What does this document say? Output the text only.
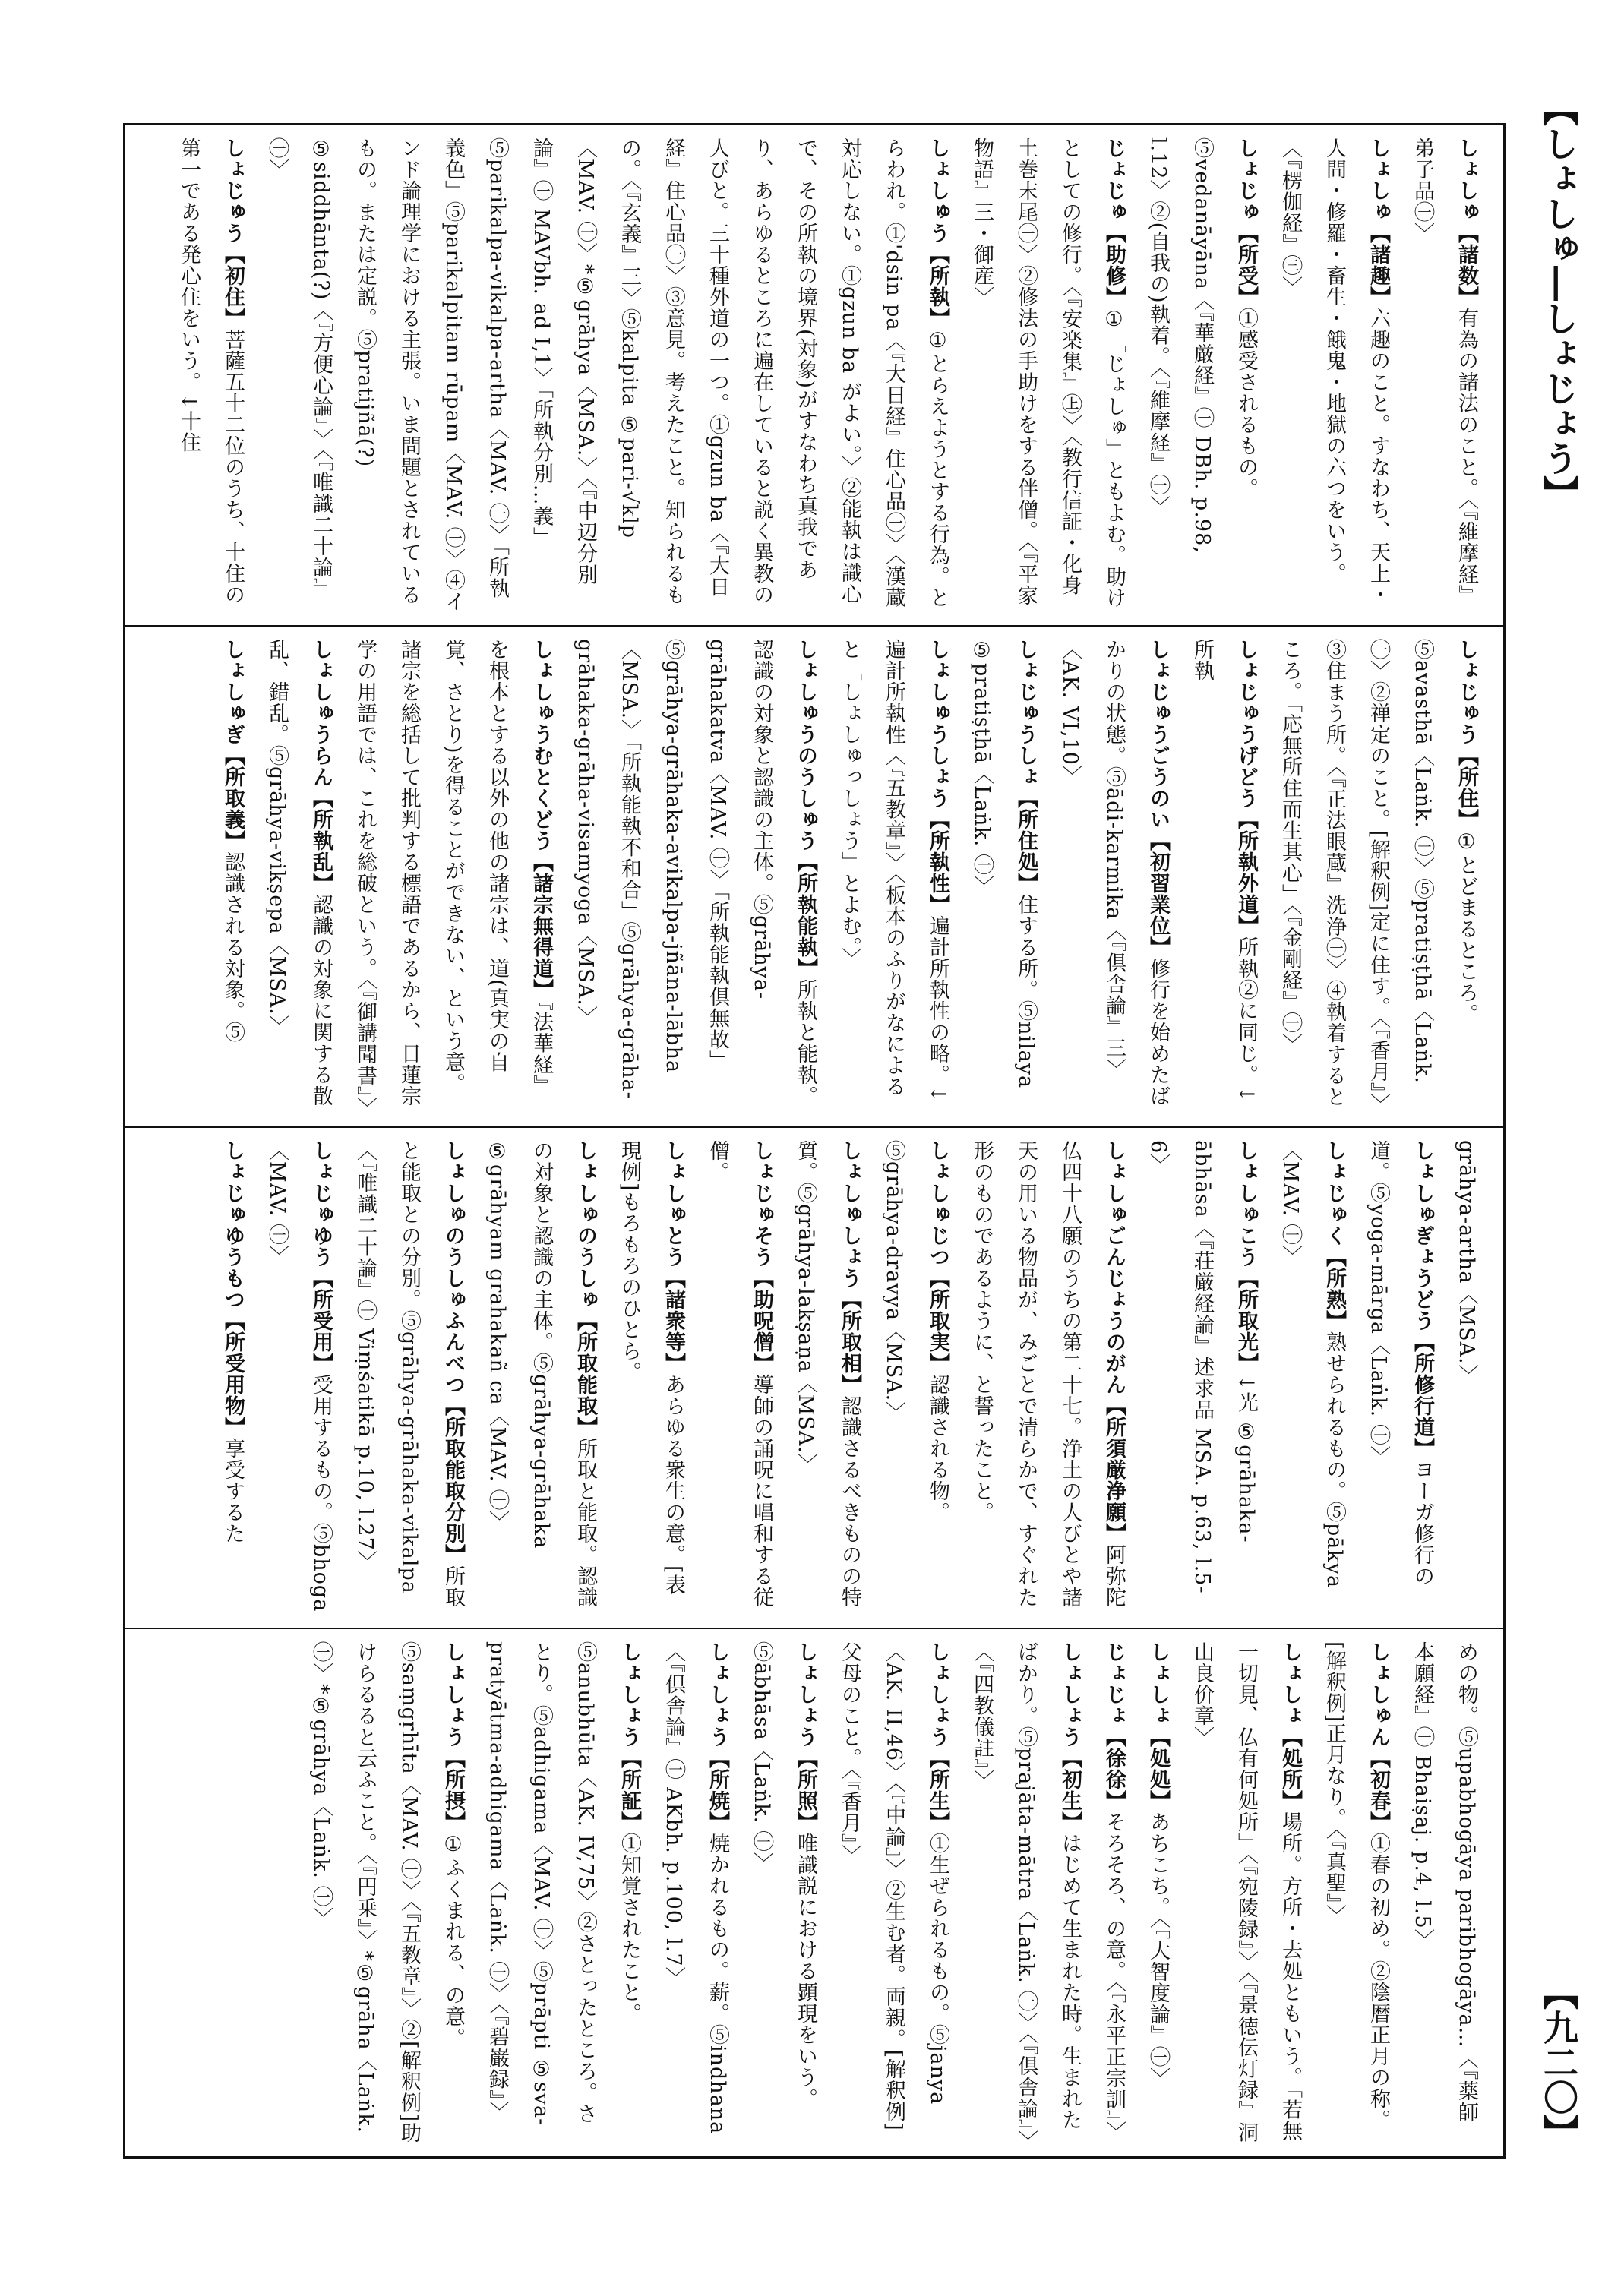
【しょしゅ―しょじょう】
【九二〇】
しょしゅ【諸数】有為の諸法のこと。〈『維摩経』弟子品㊀〉
しょしゅ【諸趣】六趣のこと。すなわち、天上・人間・修羅・畜生・餓鬼・地獄の六つをいう。〈『楞伽経』㊂〉
しょじゅ【所受】①感受されるもの。⑤vedanāyāna〈『華厳経』㊀ DBh. p.98, l.12〉②(自我の)執着。〈『維摩経』㊀〉
じょじゅ【助修】①「じょしゅ」ともよむ。助けとしての修行。〈『安楽集』㊤〉〈教行信証・化身土巻末尾㊀〉②修法の手助けをする伴僧。〈『平家物語』三・御産〉
しょしゅう【所執】①とらえようとする行為。とらわれ。①'dsin pa〈『大日経』住心品㊀〉〈漢蔵対応しない。①gzun ba がよい。〉②能執は識心で、その所執の境界(対象)がすなわち真我であり、あらゆるところに遍在していると説く異教の人びと。三十種外道の一つ。①gzun ba〈『大日経』住心品㊀〉③意見。考えたこと。知られるもの。〈『玄義』三〉⑤kalpita ⑤pari-√klp〈MAV. ㊀〉*⑤grāhya〈MSA.〉〈『中辺分別論』㊀ MAVbh. ad I,1〉「所執分別…義」⑤parikalpa-vikalpa-artha〈MAV. ㊀〉「所執義色」⑤parikalpitam rūpam〈MAV. ㊀〉④インド論理学における主張。いま問題とされているもの。または定説。⑤pratijñā(?) ⑤siddhānta(?)〈『方便心論』〉〈『唯識二十論』㊀〉
しょじゅう【初住】菩薩五十二位のうち、十住の第一である発心住をいう。↓十住
しょじゅう【所住】①とどまるところ。⑤avasthā〈Laṅk. ㊀〉⑤pratiṣṭhā〈Laṅk. ㊀〉②禅定のこと。[解釈例]定に住す。〈『香月』〉③住まう所。〈『正法眼蔵』洗浄㊀〉④執着するところ。「応無所住而生其心」〈『金剛経』㊀〉
しょじゅうげどう【所執外道】所執②に同じ。↓所執
しょじゅうごうのい【初習業位】修行を始めたばかりの状態。⑤ādi-karmika〈『倶舎論』三〉〈AK. VI,10〉
しょじゅうしょ【所住処】住する所。⑤nilaya ⑤pratiṣṭhā〈Laṅk. ㊀〉
しょしゅうしょう【所執性】遍計所執性の略。↓遍計所執性〈『五教章』〉〈板本のふりがなによると「しょしゅっしょう」とよむ。〉
しょしゅうのうしゅう【所執能執】所執と能執。認識の対象と認識の主体。⑤grāhya-grāhakatva〈MAV. ㊀〉「所執能執倶無故」⑤grāhya-grāhaka-avikalpa-jñāna-lābha〈MSA.〉「所執能執不和合」⑤grāhya-grāha-grāhaka-grāha-visamyoga〈MSA.〉
しょしゅうむとくどう【諸宗無得道】『法華経』を根本とする以外の他の諸宗は、道(真実の自覚、さとり)を得ることができない、という意。諸宗を総括して批判する標語であるから、日蓮宗学の用語では、これを総破という。〈『御講聞書』〉
しょしゅうらん【所執乱】認識の対象に関する散乱、錯乱。⑤grāhya-vikṣepa〈MSA.〉
しょしゅぎ【所取義】認識される対象。⑤
grāhya-artha〈MSA.〉
しょしゅぎょうどう【所修行道】ヨーガ修行の道。⑤yoga-mārga〈Laṅk. ㊀〉
しょじゅく【所熟】熟せられるもの。⑤pākya〈MAV. ㊀〉
しょしゅこう【所取光】↓光 ⑤grāhaka-ābhāsa〈『荘厳経論』述求品 MSA. p.63, l.5-6〉
しょしゅごんじょうのがん【所須厳浄願】阿弥陀仏四十八願のうちの第二十七。浄土の人びとや諸天の用いる物品が、みごとで清らかで、すぐれた形のものであるように、と誓ったこと。
しょしゅじつ【所取実】認識される物。⑤grāhya-dravya〈MSA.〉
しょしゅしょう【所取相】認識さるべきものの特質。⑤grāhya-lakṣaṇa〈MSA.〉
しょじゅそう【助呪僧】導師の誦呪に唱和する従僧。
しょしゅとう【諸衆等】あらゆる衆生の意。[表現例]もろもろのひとら。
しょしゅのうしゅ【所取能取】所取と能取。認識の対象と認識の主体。⑤grāhya-grāhaka ⑤grāhyam grahakañ ca〈MAV. ㊀〉
しょしゅのうしゅふんべつ【所取能取分別】所取と能取との分別。⑤grāhya-grāhaka-vikalpa〈『唯識二十論』㊀ Viṃśatikā p.10, l.27〉
しょじゅゆう【所受用】受用するもの。⑤bhoga〈MAV. ㊀〉
しょじゅゆうもつ【所受用物】享受するた
めの物。⑤upabhogāya paribhogāya…〈『薬師本願経』㊀ Bhaiṣaj. p.4, l.5〉
しょしゅん【初春】①春の初め。②陰暦正月の称。[解釈例]正月なり。〈『真聖』〉
しょしょ【処所】場所。方所・去処ともいう。「若無一切見、仏有何処所」〈『宛陵録』〉〈『景徳伝灯録』洞山良价章〉
しょしょ【処処】あちこち。〈『大智度論』㊀〉
じょじょ【徐徐】そろそろ、の意。〈『永平正宗訓』〉
しょしょう【初生】はじめて生まれた時。生まれたばかり。⑤prajāta-mātra〈Laṅk. ㊀〉〈『倶舎論』〉〈『四教儀註』〉
しょしょう【所生】①生ぜられるもの。⑤janya〈AK. II,46〉〈『中論』〉②生む者。両親。[解釈例]父母のこと。〈『香月』〉
しょしょう【所照】唯識説における顕現をいう。⑤ābhāsa〈Laṅk. ㊀〉
しょしょう【所焼】焼かれるもの。薪。⑤indhana〈『倶舎論』㊀ AKbh. p.100, l.7〉
しょしょう【所証】①知覚されたこと。⑤anubhūta〈AK. IV,75〉②さとったところ。さとり。⑤adhigama〈MAV. ㊀〉⑤prāpti ⑤sva-pratyātma-adhigama〈Laṅk. ㊀〉〈『碧巌録』〉
しょしょう【所摂】①ふくまれる、の意。⑤saṃgṛhīta〈MAV. ㊀〉〈『五教章』〉②[解釈例]助けらるると云ふこと。〈『円乗』〉*⑤grāha〈Laṅk. ㊀〉*⑤grāhya〈Laṅk. ㊀〉
